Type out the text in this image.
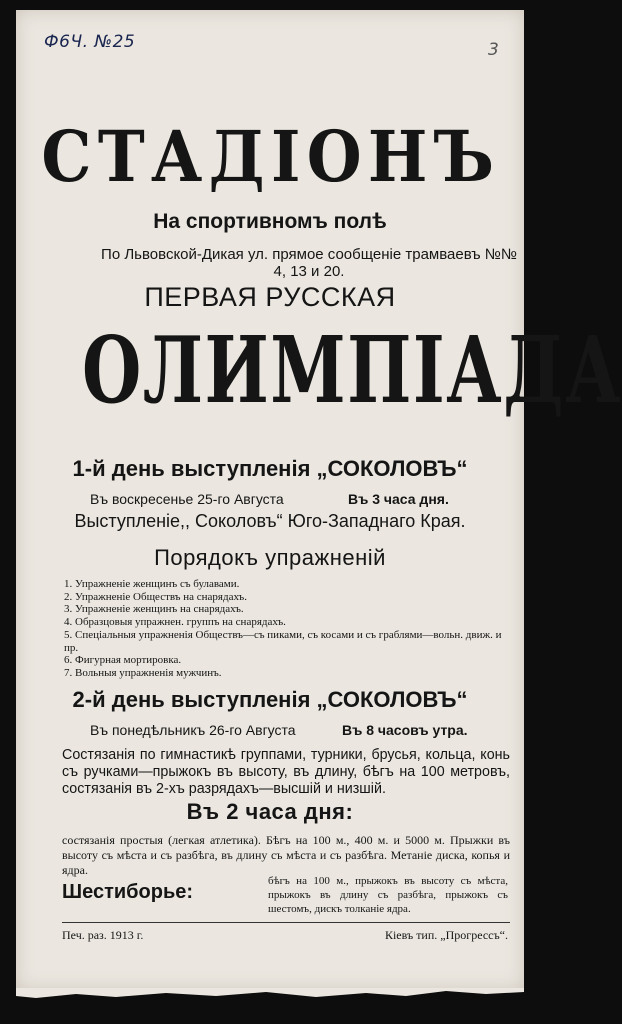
Ф6Ч. №25	3
СТАДIОНЪ
На спортивномъ полѣ
По Львовской-Дикая ул. прямое сообщеніе трамваевъ №№ 4, 13 и 20.
ПЕРВАЯ РУССКАЯ
ОЛИМПIАДА
1-й день выступленія „СОКОЛОВЪ“
Въ воскресенье 25-го Августа	Въ 3 часа дня.
Выступленіе,, Соколовъ“ Юго-Западнаго Края.
Порядокъ упражненій
1. Упражненіе женщинъ съ булавами.
2. Упражненіе Обществъ на снарядахъ.
3. Упражненіе женщинъ на снарядахъ.
4. Образцовыя упражнен. группъ на снарядахъ.
5. Спеціальныя упражненія Обществъ—съ пиками, съ косами и съ граблями—вольн. движ. и пр.
6. Фигурная мортировка.
7. Вольныя упражненія мужчинъ.
2-й день выступленія „СОКОЛОВЪ“
Въ понедѣльникъ 26-го Августа	Въ 8 часовъ утра.
Состязанія по гимнастикѣ группами, турники, брусья, кольца, конь съ ручками—прыжокъ въ высоту, въ длину, бѣгъ на 100 метровъ, состязанія въ 2-хъ разрядахъ—высшій и низшій.
Въ 2 часа дня:
состязанія простыя (легкая атлетика). Бѣгъ на 100 м., 400 м. и 5000 м. Прыжки въ высоту съ мѣста и съ разбѣга, въ длину съ мѣста и съ разбѣга. Метаніе диска, копья и ядра.
Шестиборье:	бѣгъ на 100 м., прыжокъ въ высоту съ мѣста, прыжокъ въ длину съ разбѣга, прыжокъ съ шестомъ, дискъ толканіе ядра.
Печ. раз. 1913 г.	Кіевъ тип. „Прогрессъ“.
